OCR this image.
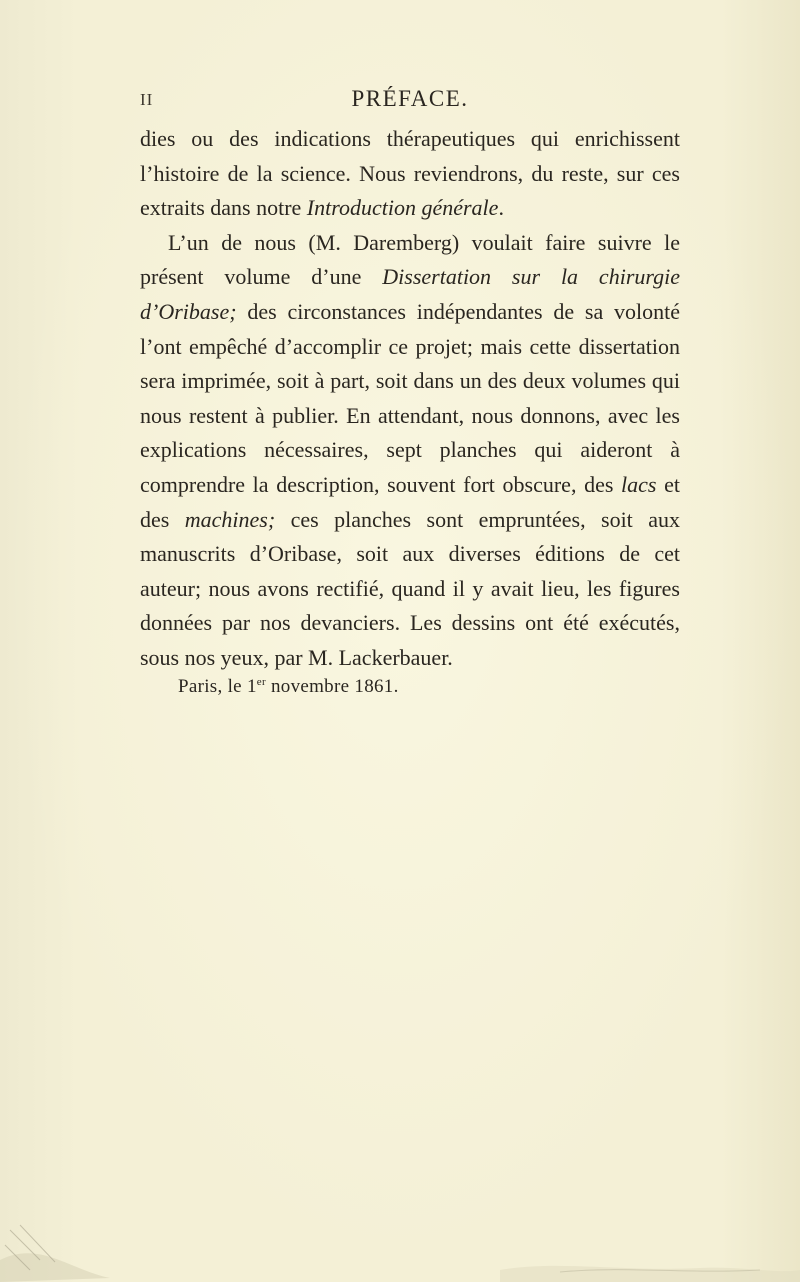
II	PRÉFACE.

dies ou des indications thérapeutiques qui enrichissent l’histoire de la science. Nous reviendrons, du reste, sur ces extraits dans notre Introduction générale.

L’un de nous (M. Daremberg) voulait faire suivre le présent volume d’une Dissertation sur la chirurgie d’Oribase; des circonstances indépendantes de sa volonté l’ont empêché d’accomplir ce projet; mais cette dissertation sera imprimée, soit à part, soit dans un des deux volumes qui nous restent à publier. En attendant, nous donnons, avec les explications nécessaires, sept planches qui aideront à comprendre la description, souvent fort obscure, des lacs et des machines; ces planches sont empruntées, soit aux manuscrits d’Oribase, soit aux diverses éditions de cet auteur; nous avons rectifié, quand il y avait lieu, les figures données par nos devanciers. Les dessins ont été exécutés, sous nos yeux, par M. Lackerbauer.

Paris, le 1er novembre 1861.
